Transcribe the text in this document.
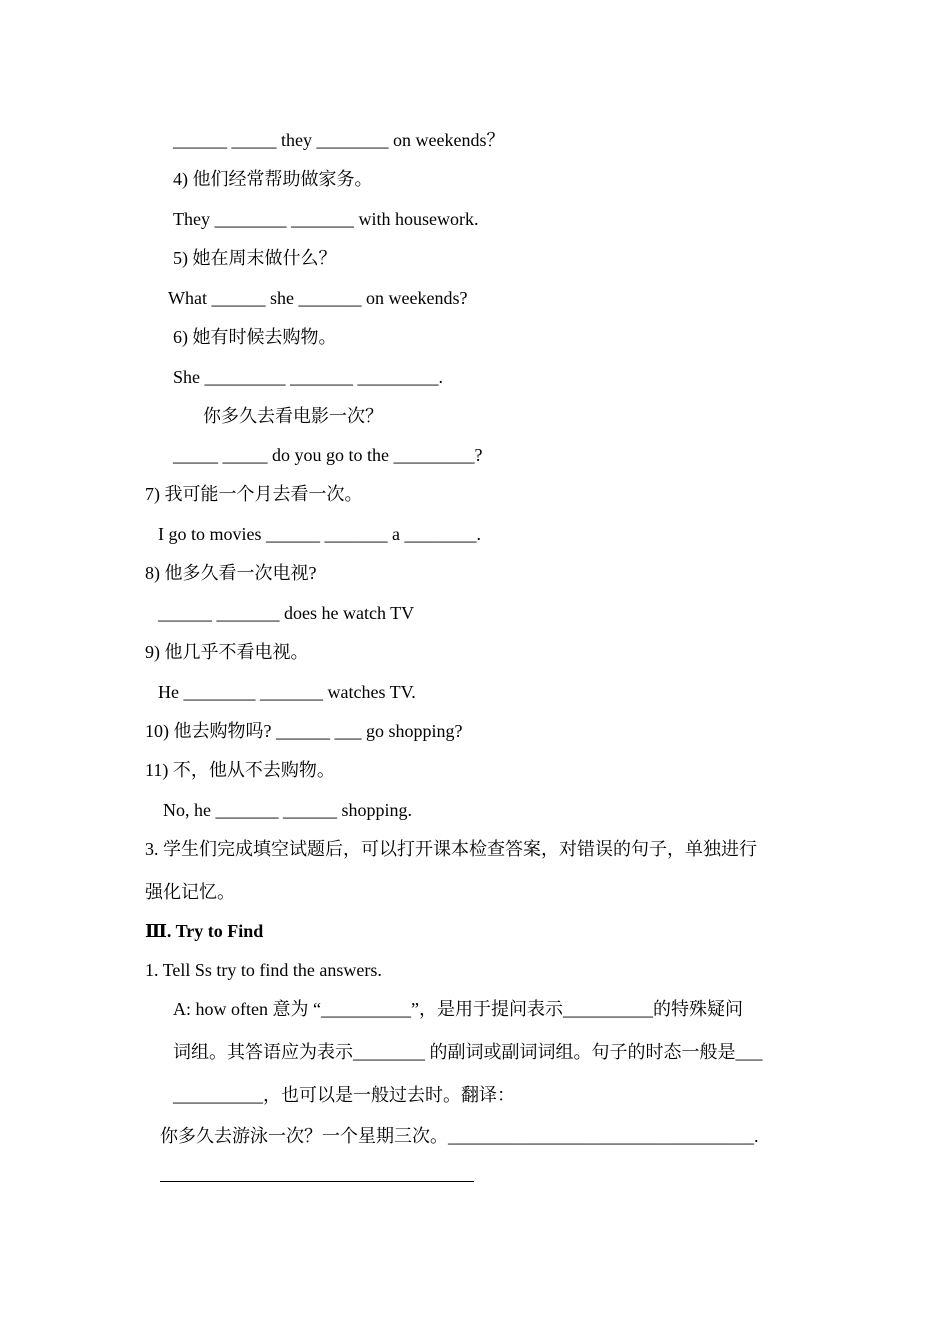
______ _____ they ________ on weekends？
4) 他们经常帮助做家务。
They ________ _______ with housework.
5) 她在周末做什么？
What ______ she _______ on weekends?
6) 她有时候去购物。
She _________ _______ _________.
你多久去看电影一次？
_____ _____ do you go to the _________?
7) 我可能一个月去看一次。
I go to movies ______ _______ a ________.
8) 他多久看一次电视?
______ _______ does he watch TV
9) 他几乎不看电视。
He ________ _______ watches TV.
10) 他去购物吗? ______ ___ go shopping?
11) 不，他从不去购物。
No, he _______ ______ shopping.
3. 学生们完成填空试题后，可以打开课本检查答案，对错误的句子，单独进行
强化记忆。
Ⅲ. Try to Find
1. Tell Ss try to find the answers.
A: how often 意为 “__________”，是用于提问表示__________的特殊疑问
词组。其答语应为表示________ 的副词或副词词组。句子的时态一般是___
__________，也可以是一般过去时。翻译：
你多久去游泳一次？一个星期三次。__________________________________.
